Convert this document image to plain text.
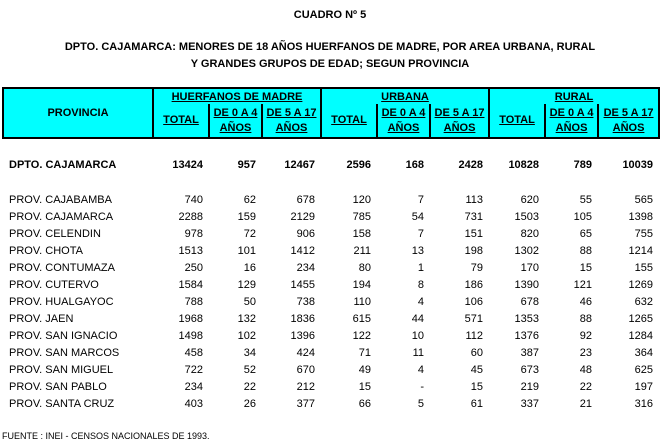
CUADRO Nº 5
DPTO. CAJAMARCA: MENORES DE 18 AÑOS HUERFANOS DE MADRE, POR AREA URBANA, RURAL
Y GRANDES GRUPOS DE EDAD; SEGUN PROVINCIA
PROVINCIA	HUERFANOS DE MADRE			URBANA			RURAL		
	TOTAL	DE 0 A 4 AÑOS	DE 5 A 17 AÑOS	TOTAL	DE 0 A 4 AÑOS	DE 5 A 17 AÑOS	TOTAL	DE 0 A 4 AÑOS	DE 5 A 17 AÑOS

DPTO. CAJAMARCA	13424	957	12467	2596	168	2428	10828	789	10039

PROV. CAJABAMBA	740	62	678	120	7	113	620	55	565
PROV. CAJAMARCA	2288	159	2129	785	54	731	1503	105	1398
PROV. CELENDIN	978	72	906	158	7	151	820	65	755
PROV. CHOTA	1513	101	1412	211	13	198	1302	88	1214
PROV. CONTUMAZA	250	16	234	80	1	79	170	15	155
PROV. CUTERVO	1584	129	1455	194	8	186	1390	121	1269
PROV. HUALGAYOC	788	50	738	110	4	106	678	46	632
PROV. JAEN	1968	132	1836	615	44	571	1353	88	1265
PROV. SAN IGNACIO	1498	102	1396	122	10	112	1376	92	1284
PROV. SAN MARCOS	458	34	424	71	11	60	387	23	364
PROV. SAN MIGUEL	722	52	670	49	4	45	673	48	625
PROV. SAN PABLO	234	22	212	15	-	15	219	22	197
PROV. SANTA CRUZ	403	26	377	66	5	61	337	21	316
FUENTE : INEI - CENSOS NACIONALES DE 1993.
